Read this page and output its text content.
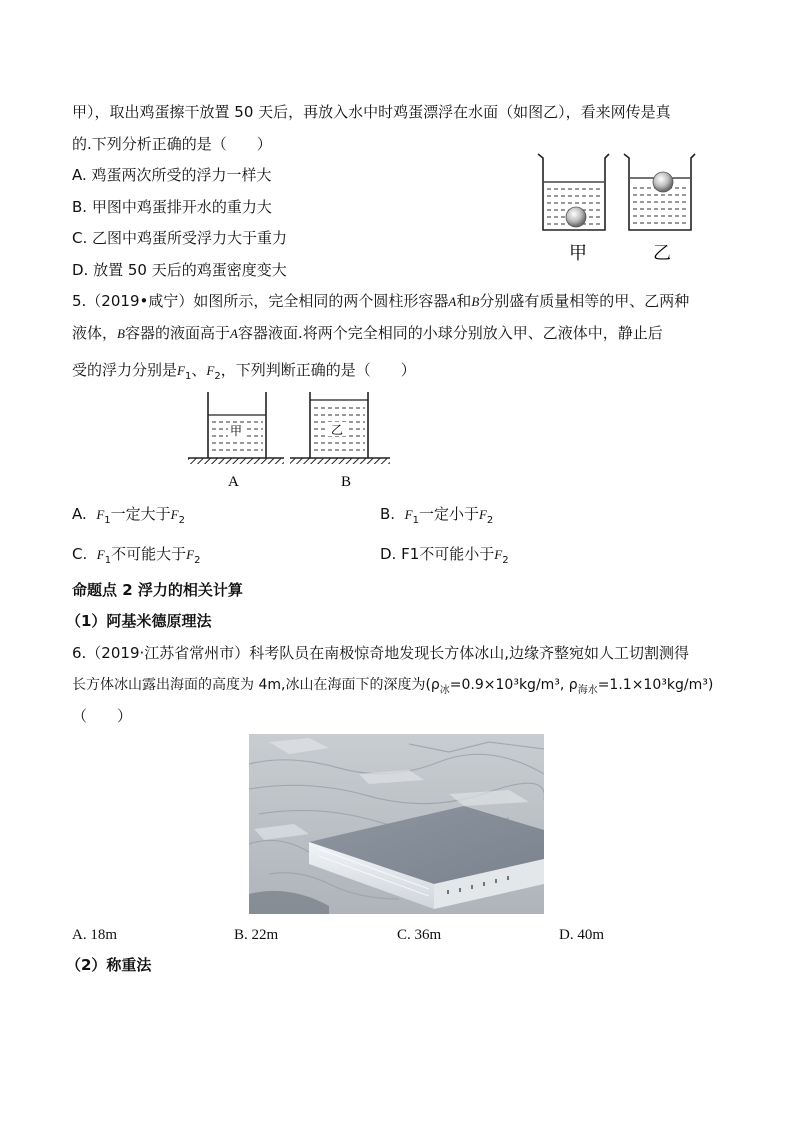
甲），取出鸡蛋擦干放置 50 天后，再放入水中时鸡蛋漂浮在水面（如图乙），看来网传是真
的.下列分析正确的是（　　）
A. 鸡蛋两次所受的浮力一样大
B. 甲图中鸡蛋排开水的重力大
C. 乙图中鸡蛋所受浮力大于重力
D. 放置 50 天后的鸡蛋密度变大
甲	乙
5.（2019•咸宁）如图所示，完全相同的两个圆柱形容器A和B分别盛有质量相等的甲、乙两种
液体，B容器的液面高于A容器液面.将两个完全相同的小球分别放入甲、乙液体中，静止后
受的浮力分别是$F_1$、$F_2$，下列判断正确的是（　　）
甲	乙
A	B
A. $F_1$一定大于$F_2$	B. $F_1$一定小于$F_2$
C. $F_1$不可能大于$F_2$	D. F1不可能小于$F_2$
命题点 2 浮力的相关计算
（1）阿基米德原理法
6.（2019·江苏省常州市）科考队员在南极惊奇地发现长方体冰山,边缘齐整宛如人工切割测得
长方体冰山露出海面的高度为 4m,冰山在海面下的深度为($\rho_冰=0.9\times 10^3kg/m^3$, $\rho_{海水}=1.1\times 10^3kg/m^3$)
（　　）
A. 18m	B. 22m	C. 36m	D. 40m
（2）称重法
